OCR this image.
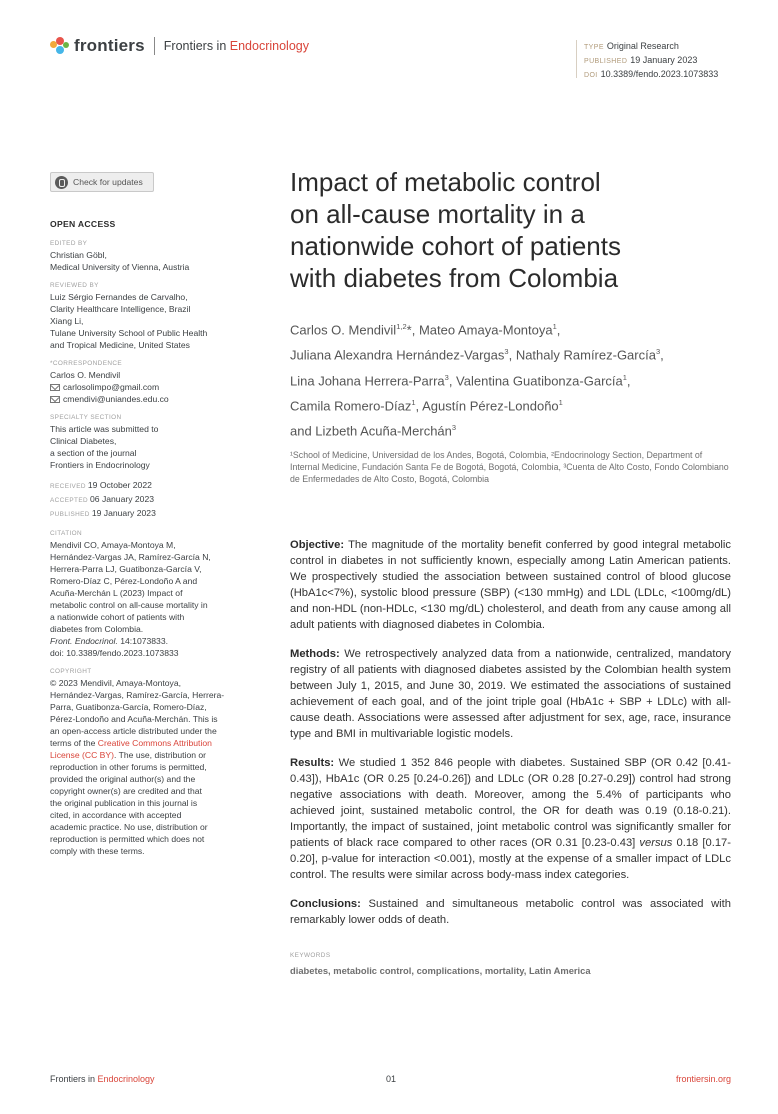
frontiers Frontiers in Endocrinology	TYPE Original Research
PUBLISHED 19 January 2023
DOI 10.3389/fendo.2023.1073833
Check for updates
OPEN ACCESS
EDITED BY
Christian Göbl,
Medical University of Vienna, Austria
REVIEWED BY
Luiz Sérgio Fernandes de Carvalho,
Clarity Healthcare Intelligence, Brazil
Xiang Li,
Tulane University School of Public Health
and Tropical Medicine, United States
*CORRESPONDENCE
Carlos O. Mendivil
carlosolimpo@gmail.com
cmendivi@uniandes.edu.co
SPECIALTY SECTION
This article was submitted to
Clinical Diabetes,
a section of the journal
Frontiers in Endocrinology
RECEIVED 19 October 2022
ACCEPTED 06 January 2023
PUBLISHED 19 January 2023
CITATION
Mendivil CO, Amaya-Montoya M,
Hernández-Vargas JA, Ramírez-García N,
Herrera-Parra LJ, Guatibonza-García V,
Romero-Díaz C, Pérez-Londoño A and
Acuña-Merchán L (2023) Impact of
metabolic control on all-cause mortality in
a nationwide cohort of patients with
diabetes from Colombia.
Front. Endocrinol. 14:1073833.
doi: 10.3389/fendo.2023.1073833
COPYRIGHT
© 2023 Mendivil, Amaya-Montoya,
Hernández-Vargas, Ramírez-García, Herrera-
Parra, Guatibonza-García, Romero-Díaz,
Pérez-Londoño and Acuña-Merchán. This is
an open-access article distributed under the
terms of the Creative Commons Attribution
License (CC BY). The use, distribution or
reproduction in other forums is permitted,
provided the original author(s) and the
copyright owner(s) are credited and that
the original publication in this journal is
cited, in accordance with accepted
academic practice. No use, distribution or
reproduction is permitted which does not
comply with these terms.
Impact of metabolic control
on all-cause mortality in a
nationwide cohort of patients
with diabetes from Colombia
Carlos O. Mendivil$^{1,2}$*, Mateo Amaya-Montoya$^1$,
Juliana Alexandra Hernández-Vargas$^3$, Nathaly Ramírez-García$^3$,
Lina Johana Herrera-Parra$^3$, Valentina Guatibonza-García$^1$,
Camila Romero-Díaz$^1$, Agustín Pérez-Londoño$^1$
and Lizbeth Acuña-Merchán$^3$
¹School of Medicine, Universidad de los Andes, Bogotá, Colombia, ²Endocrinology Section, Department of Internal Medicine, Fundación Santa Fe de Bogotá, Bogotá, Colombia, ³Cuenta de Alto Costo, Fondo Colombiano de Enfermedades de Alto Costo, Bogotá, Colombia

Objective: The magnitude of the mortality benefit conferred by good integral metabolic control in diabetes in not sufficiently known, especially among Latin American patients. We prospectively studied the association between sustained control of blood glucose (HbA1c<7%), systolic blood pressure (SBP) (<130 mmHg) and LDL (LDLc, <100mg/dL) and non-HDL (non-HDLc, <130 mg/dL) cholesterol, and death from any cause among all adult patients with diagnosed diabetes in Colombia.

Methods: We retrospectively analyzed data from a nationwide, centralized, mandatory registry of all patients with diagnosed diabetes assisted by the Colombian health system between July 1, 2015, and June 30, 2019. We estimated the associations of sustained achievement of each goal, and of the joint triple goal (HbA1c + SBP + LDLc) with all-cause death. Associations were assessed after adjustment for sex, age, race, insurance type and BMI in multivariable logistic models.

Results: We studied 1 352 846 people with diabetes. Sustained SBP (OR 0.42 [0.41-0.43]), HbA1c (OR 0.25 [0.24-0.26]) and LDLc (OR 0.28 [0.27-0.29]) control had strong negative associations with death. Moreover, among the 5.4% of participants who achieved joint, sustained metabolic control, the OR for death was 0.19 (0.18-0.21). Importantly, the impact of sustained, joint metabolic control was significantly smaller for patients of black race compared to other races (OR 0.31 [0.23-0.43] versus 0.18 [0.17-0.20], p-value for interaction <0.001), mostly at the expense of a smaller impact of LDLc control. The results were similar across body-mass index categories.

Conclusions: Sustained and simultaneous metabolic control was associated with remarkably lower odds of death.

KEYWORDS
diabetes, metabolic control, complications, mortality, Latin America
Frontiers in Endocrinology	01	frontiersin.org
